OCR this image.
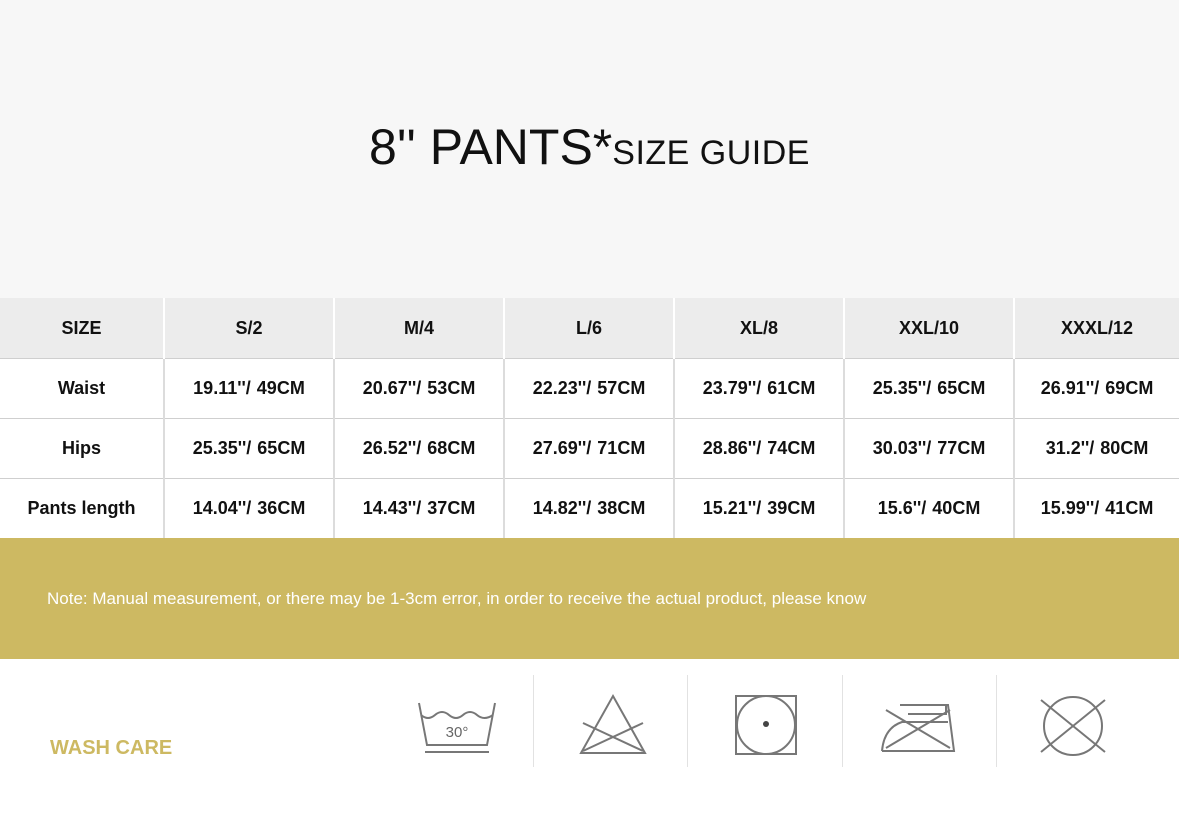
8'' PANTS*SIZE GUIDE
SIZE	S/2	M/4	L/6	XL/8	XXL/10	XXXL/12
Waist	19.11''/ 49CM	20.67''/ 53CM	22.23''/ 57CM	23.79''/ 61CM	25.35''/ 65CM	26.91''/ 69CM
Hips	25.35''/ 65CM	26.52''/ 68CM	27.69''/ 71CM	28.86''/ 74CM	30.03''/ 77CM	31.2''/ 80CM
Pants length	14.04''/ 36CM	14.43''/ 37CM	14.82''/ 38CM	15.21''/ 39CM	15.6''/ 40CM	15.99''/ 41CM
Note: Manual measurement, or there may be 1-3cm error, in order to receive the actual product, please know
WASH CARE
30°
